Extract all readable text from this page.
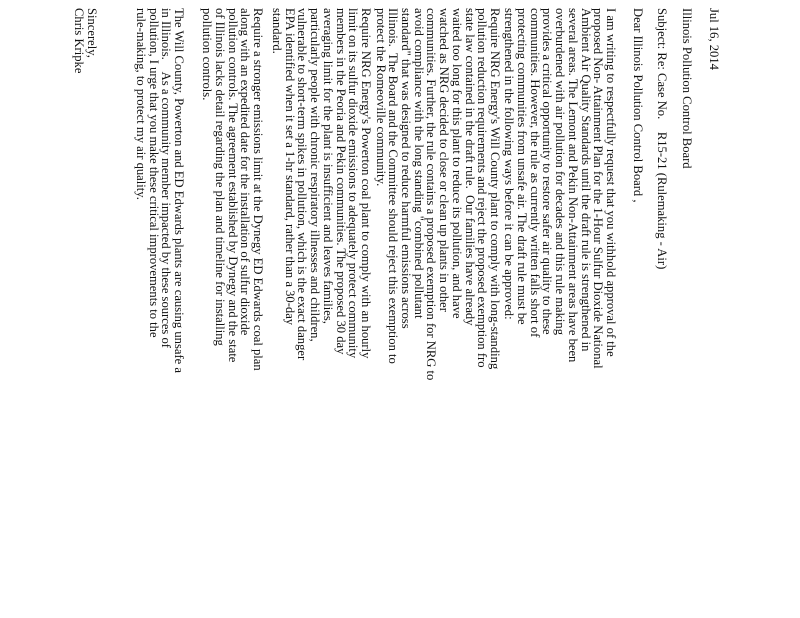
Jul 16, 2014
Illinois Pollution Control Board
Subject: Re: Case No.    R15-21 (Rulemaking - Air)
Dear Illinois Pollution Control Board ,
I am writing to respectfully request that you withhold approval of the
proposed Non- Attainment Plan for the 1-Hour Sulfur Dioxide National
Ambient Air Quality Standards until the draft rule is strengthened in
several areas. The Lemont and Pekin Non-Attainment areas have been
overburdened with air pollution for decades and this rule making
provides a critical opportunity to restore safer air quality to these
communities. However, the rule as currently written falls short of
protecting communities from unsafe air. The draft rule must be
strengthened in the following ways before it can be approved:
Require NRG Energy's Will County plant to comply with long-standing
pollution reduction requirements and reject the proposed exemption fro
state law contained in the draft rule.  Our families have already
waited too long for this plant to reduce its pollution, and have
watched as NRG decided to close or clean up plants in other
communities. Further, the rule contains a proposed exemption for NRG to
avoid compliance with the long standing "combined pollutant
standard" that was designed to reduce harmful emissions across
Illinois.  The Board and the Committee should reject this exemption to
protect the Romeoville community.
Require NRG Energy's Powerton coal plant to comply with an hourly
limit on its sulfur dioxide emissions to adequately protect community
members in the Peoria and Pekin communities. The proposed 30 day
averaging limit for the plant is insufficient and leaves families,
particularly people with chronic respiratory illnesses and children,
vulnerable to short-term spikes in pollution, which is the exact danger
EPA identified when it set a 1-hr standard, rather than a 30-day
standard.
Require a stronger emissions limit at the Dynegy ED Edwards coal plan
along with an expedited date for the installation of sulfur dioxide
pollution controls. The agreement established by Dynegy and the state
of Illinois lacks detail regarding the plan and timeline for installing
pollution controls.
The Will County, Powerton and ED Edwards plants are causing unsafe a
in Illinois.    As a community member impacted by these sources of
pollution, I urge that you make these critical improvements to the
rule-making, to protect my air quality.
Sincerely,
Chris Kripke
